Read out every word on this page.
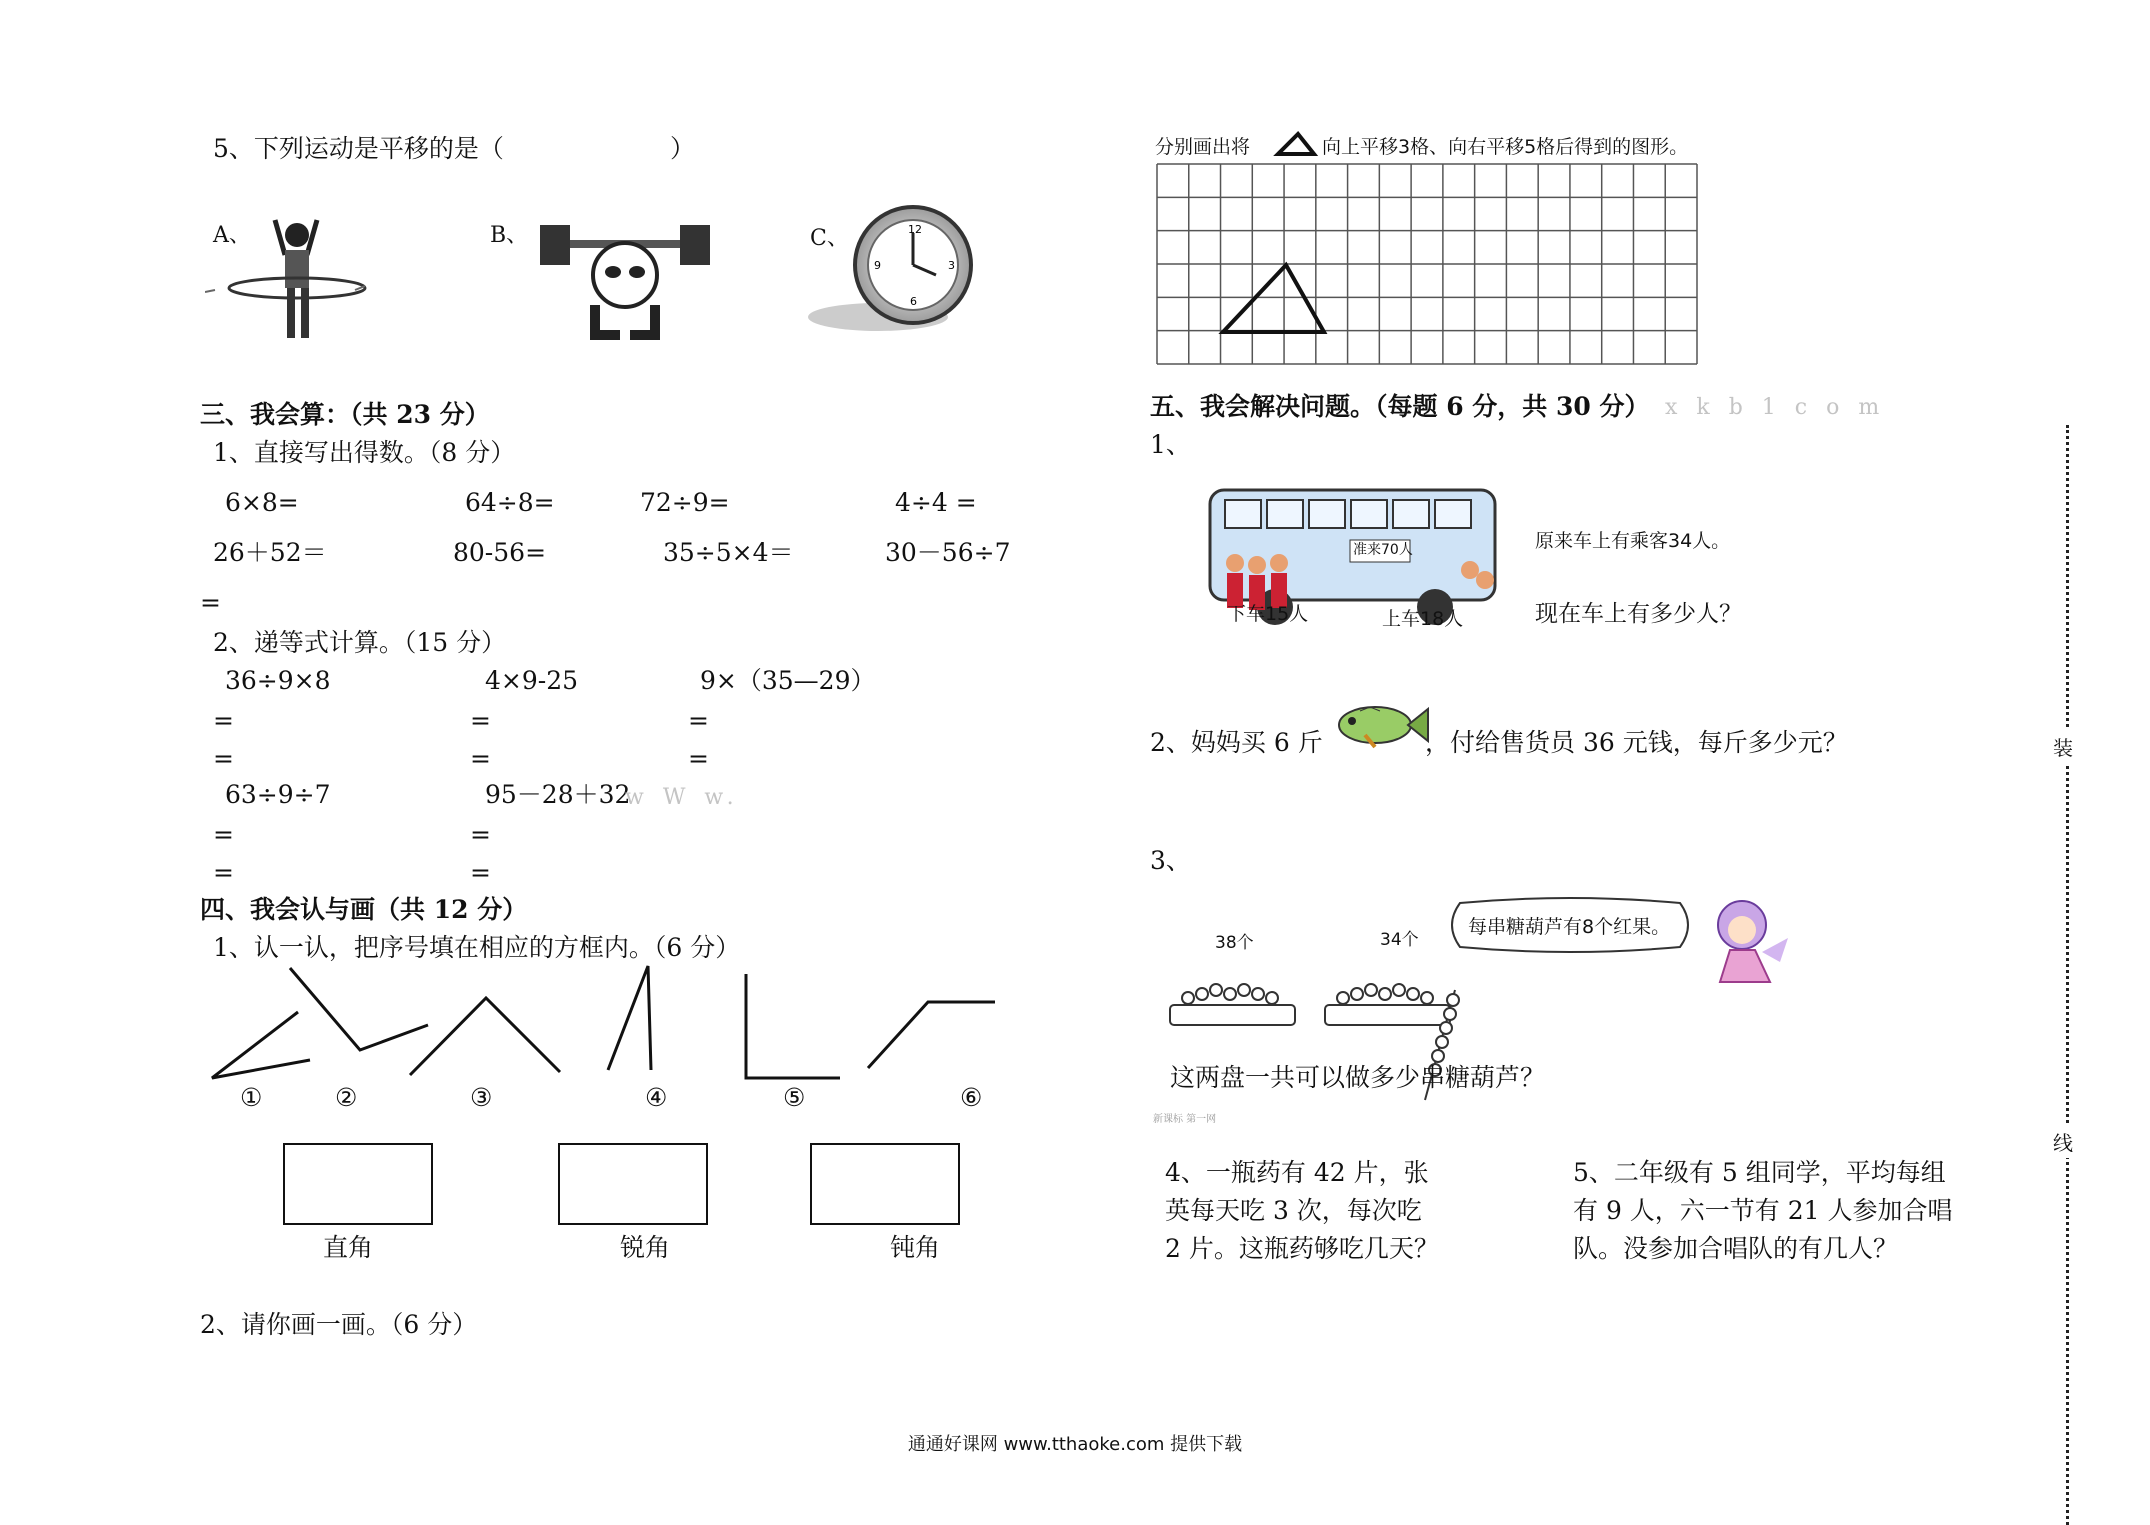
5、下列运动是平移的是（	）
A、	B、	C、	12
3
6
9
三、我会算：（共 23 分）
1、直接写出得数。（8 分）
6×8=	64÷8=	72÷9=	4÷4 =
26＋52＝	80-56=	35÷5×4＝	30－56÷7
=
2、递等式计算。（15 分）
36÷9×8	4×9-25	9×（35—29）
=	=	=
=	=	=
63÷9÷7	95－28＋32
w W w.
=	=
=	=
四、我会认与画（共 12 分）
1、认一认，把序号填在相应的方框内。（6 分）
①	②	③	④	⑤	⑥
直角	锐角	钝角
2、请你画一画。（6 分）
分别画出将	向上平移3格、向右平移5格后得到的图形。
五、我会解决问题。（每题 6 分，共 30 分） x k b 1 c o m
1、
准来70人
下车15人	上车18人
原来车上有乘客34人。
现在车上有多少人？
2、妈妈买 6 斤	，付给售货员 36 元钱，每斤多少元？
3、
38个	34个
每串糖葫芦有8个红果。
这两盘一共可以做多少串糖葫芦？
新课标 第一网
4、一瓶药有 42 片，张
英每天吃 3 次，每次吃
2 片。这瓶药够吃几天？
5、二年级有 5 组同学，平均每组
有 9 人，六一节有 21 人参加合唱
队。没参加合唱队的有几人？
装
线
通通好课网 www.tthaoke.com 提供下载
